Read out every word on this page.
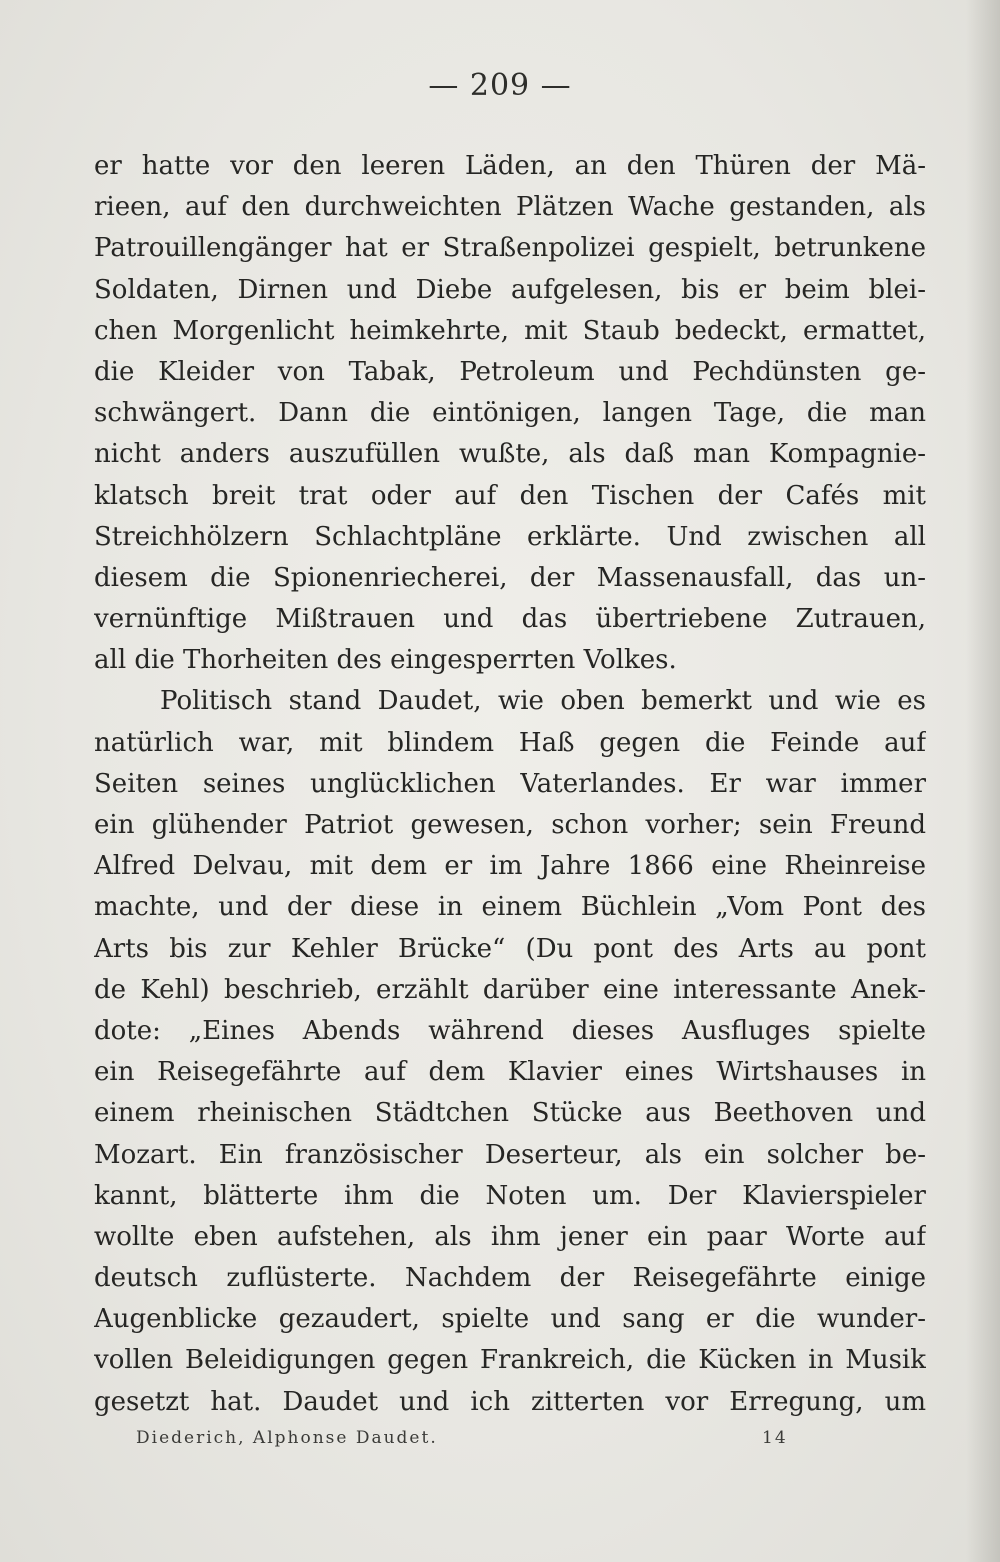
— 209 —
er hatte vor den leeren Läden, an den Thüren der Mä-
rieen, auf den durchweichten Plätzen Wache gestanden, als
Patrouillengänger hat er Straßenpolizei gespielt, betrunkene
Soldaten, Dirnen und Diebe aufgelesen, bis er beim blei-
chen Morgenlicht heimkehrte, mit Staub bedeckt, ermattet,
die Kleider von Tabak, Petroleum und Pechdünsten ge-
schwängert. Dann die eintönigen, langen Tage, die man
nicht anders auszufüllen wußte, als daß man Kompagnie-
klatsch breit trat oder auf den Tischen der Cafés mit
Streichhölzern Schlachtpläne erklärte. Und zwischen all
diesem die Spionenriecherei, der Massenausfall, das un-
vernünftige Mißtrauen und das übertriebene Zutrauen,
all die Thorheiten des eingesperrten Volkes.
Politisch stand Daudet, wie oben bemerkt und wie es
natürlich war, mit blindem Haß gegen die Feinde auf
Seiten seines unglücklichen Vaterlandes. Er war immer
ein glühender Patriot gewesen, schon vorher; sein Freund
Alfred Delvau, mit dem er im Jahre 1866 eine Rheinreise
machte, und der diese in einem Büchlein „Vom Pont des
Arts bis zur Kehler Brücke“ (Du pont des Arts au pont
de Kehl) beschrieb, erzählt darüber eine interessante Anek-
dote: „Eines Abends während dieses Ausfluges spielte
ein Reisegefährte auf dem Klavier eines Wirtshauses in
einem rheinischen Städtchen Stücke aus Beethoven und
Mozart. Ein französischer Deserteur, als ein solcher be-
kannt, blätterte ihm die Noten um. Der Klavierspieler
wollte eben aufstehen, als ihm jener ein paar Worte auf
deutsch zuflüsterte. Nachdem der Reisegefährte einige
Augenblicke gezaudert, spielte und sang er die wunder-
vollen Beleidigungen gegen Frankreich, die Kücken in Musik
gesetzt hat. Daudet und ich zitterten vor Erregung, um
Diederich, Alphonse Daudet.	14
